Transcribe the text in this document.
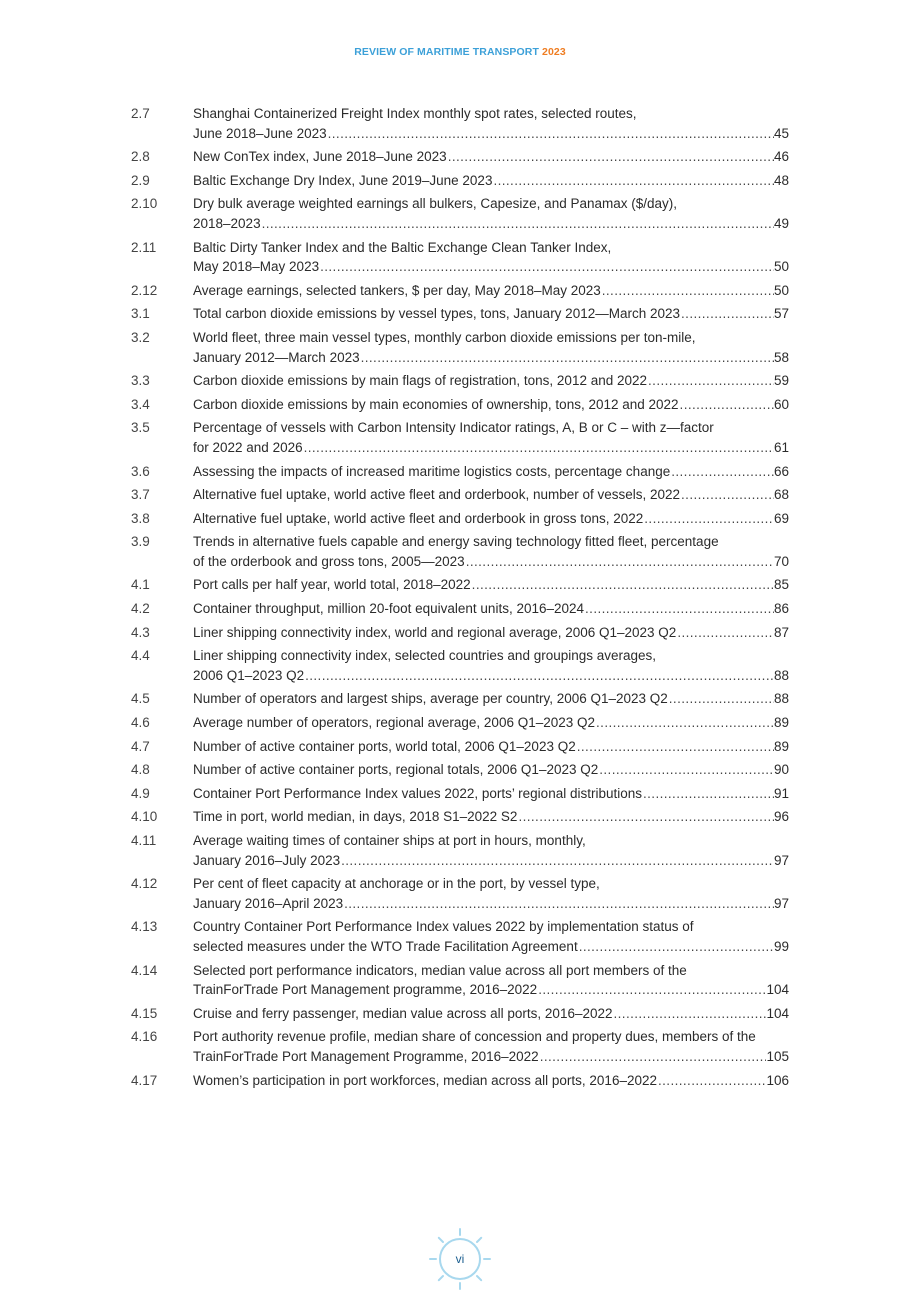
REVIEW OF MARITIME TRANSPORT 2023
2.7	Shanghai Containerized Freight Index monthly spot rates, selected routes,
June 2018–June 2023 .....	45
2.8	New ConTex index, June 2018–June 2023 .....	46
2.9	Baltic Exchange Dry Index, June 2019–June 2023 .....	48
2.10	Dry bulk average weighted earnings all bulkers, Capesize, and Panamax ($/day),
2018–2023 .....	49
2.11	Baltic Dirty Tanker Index and the Baltic Exchange Clean Tanker Index,
May 2018–May 2023 .....	50
2.12	Average earnings, selected tankers, $ per day, May 2018–May 2023 .....	50
3.1	Total carbon dioxide emissions by vessel types, tons, January 2012—March 2023 .....	57
3.2	World fleet, three main vessel types, monthly carbon dioxide emissions per ton-mile,
January 2012—March 2023 .....	58
3.3	Carbon dioxide emissions by main flags of registration, tons, 2012 and 2022 .....	59
3.4	Carbon dioxide emissions by main economies of ownership, tons, 2012 and 2022 .....	60
3.5	Percentage of vessels with Carbon Intensity Indicator ratings, A, B or C – with z—factor
for 2022 and 2026 .....	61
3.6	Assessing the impacts of increased maritime logistics costs, percentage change .....	66
3.7	Alternative fuel uptake, world active fleet and orderbook, number of vessels, 2022 .....	68
3.8	Alternative fuel uptake, world active fleet and orderbook in gross tons, 2022 .....	69
3.9	Trends in alternative fuels capable and energy saving technology fitted fleet, percentage
of the orderbook and gross tons, 2005—2023 .....	70
4.1	Port calls per half year, world total, 2018–2022 .....	85
4.2	Container throughput, million 20-foot equivalent units, 2016–2024 .....	86
4.3	Liner shipping connectivity index, world and regional average, 2006 Q1–2023 Q2 .....	87
4.4	Liner shipping connectivity index, selected countries and groupings averages,
2006 Q1–2023 Q2 .....	88
4.5	Number of operators and largest ships, average per country, 2006 Q1–2023 Q2 .....	88
4.6	Average number of operators, regional average, 2006 Q1–2023 Q2 .....	89
4.7	Number of active container ports, world total, 2006 Q1–2023 Q2 .....	89
4.8	Number of active container ports, regional totals, 2006 Q1–2023 Q2 .....	90
4.9	Container Port Performance Index values 2022, ports’ regional distributions .....	91
4.10	Time in port, world median, in days, 2018 S1–2022 S2 .....	96
4.11	Average waiting times of container ships at port in hours, monthly,
January 2016–July 2023 .....	97
4.12	Per cent of fleet capacity at anchorage or in the port, by vessel type,
January 2016–April 2023 .....	97
4.13	Country Container Port Performance Index values 2022 by implementation status of
selected measures under the WTO Trade Facilitation Agreement .....	99
4.14	Selected port performance indicators, median value across all port members of the
TrainForTrade Port Management programme, 2016–2022 .....	104
4.15	Cruise and ferry passenger, median value across all ports, 2016–2022 .....	104
4.16	Port authority revenue profile, median share of concession and property dues, members of the
TrainForTrade Port Management Programme, 2016–2022 .....	105
4.17	Women’s participation in port workforces, median across all ports, 2016–2022 .....	106
vi
